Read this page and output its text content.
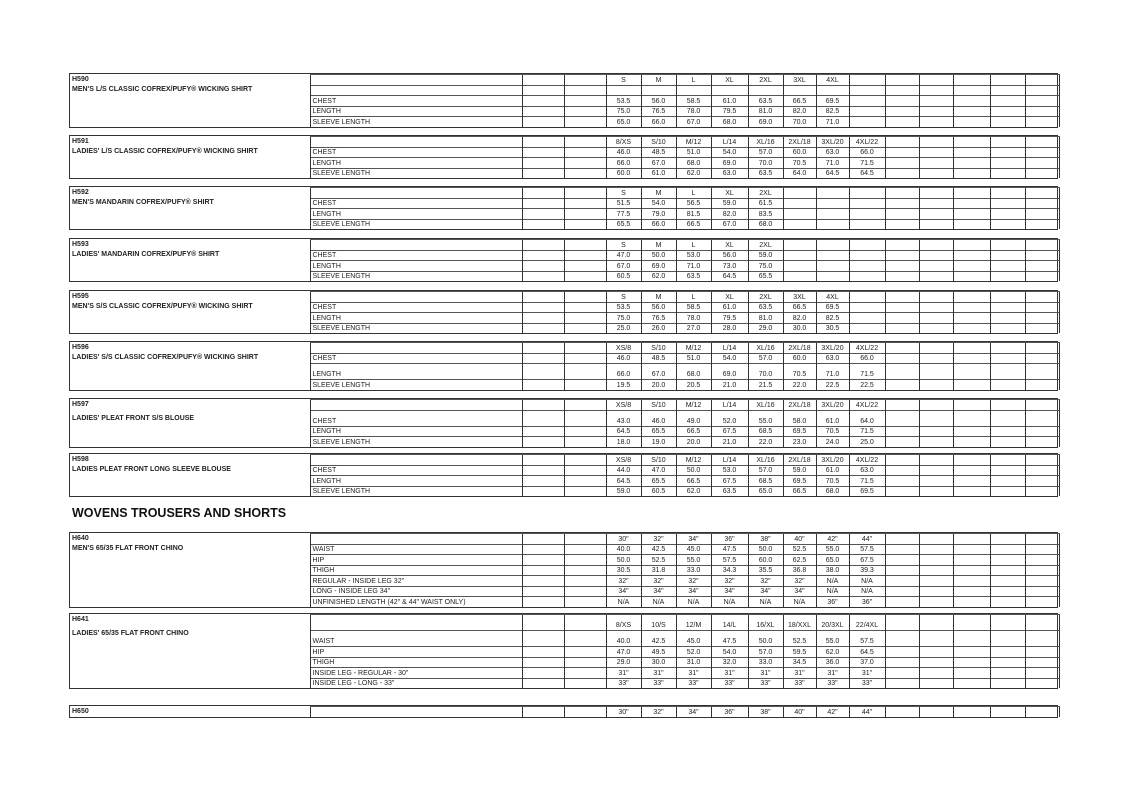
H590
MEN'S L/S CLASSIC COFREX/PUFY® WICKING SHIRT				S	M	L	XL	2XL	3XL	4XL							

	CHEST			53.5	56.0	58.5	61.0	63.5	66.5	69.5							
	LENGTH			75.0	76.5	78.0	79.5	81.0	82.0	82.5							
	SLEEVE LENGTH			65.0	66.0	67.0	68.0	69.0	70.0	71.0							
H591
LADIES' L/S CLASSIC COFREX/PUFY® WICKING SHIRT				8/XS	S/10	M/12	L/14	XL/16	2XL/18	3XL/20	4XL/22						
	CHEST			46.0	48.5	51.0	54.0	57.0	60.0	63.0	66.0						
	LENGTH			66.0	67.0	68.0	69.0	70.0	70.5	71.0	71.5						
	SLEEVE LENGTH			60.0	61.0	62.0	63.0	63.5	64.0	64.5	64.5						
H592
MEN'S MANDARIN COFREX/PUFY® SHIRT				S	M	L	XL	2XL									
	CHEST			51.5	54.0	56.5	59.0	61.5									
	LENGTH			77.5	79.0	81.5	82.0	83.5									
	SLEEVE LENGTH			65.5	66.0	66.5	67.0	68.0									
H593
LADIES' MANDARIN COFREX/PUFY® SHIRT				S	M	L	XL	2XL									
	CHEST			47.0	50.0	53.0	56.0	59.0									
	LENGTH			67.0	69.0	71.0	73.0	75.0									
	SLEEVE LENGTH			60.5	62.0	63.5	64.5	65.5									
H595
MEN'S S/S CLASSIC COFREX/PUFY® WICKING SHIRT				S	M	L	XL	2XL	3XL	4XL							
	CHEST			53.5	56.0	58.5	61.0	63.5	66.5	69.5							
	LENGTH			75.0	76.5	78.0	79.5	81.0	82.0	82.5							
	SLEEVE LENGTH			25.0	26.0	27.0	28.0	29.0	30.0	30.5							
H596
LADIES' S/S CLASSIC COFREX/PUFY® WICKING SHIRT				XS/8	S/10	M/12	L/14	XL/16	2XL/18	3XL/20	4XL/22						
	CHEST			46.0	48.5	51.0	54.0	57.0	60.0	63.0	66.0						
	LENGTH			66.0	67.0	68.0	69.0	70.0	70.5	71.0	71.5						
	SLEEVE LENGTH			19.5	20.0	20.5	21.0	21.5	22.0	22.5	22.5						
H597
LADIES' PLEAT FRONT S/S BLOUSE				XS/8	S/10	M/12	L/14	XL/16	2XL/18	3XL/20	4XL/22						
	CHEST			43.0	46.0	49.0	52.0	55.0	58.0	61.0	64.0						
	LENGTH			64.5	65.5	66.5	67.5	68.5	69.5	70.5	71.5						
	SLEEVE LENGTH			18.0	19.0	20.0	21.0	22.0	23.0	24.0	25.0						
H598
LADIES PLEAT FRONT LONG SLEEVE BLOUSE				XS/8	S/10	M/12	L/14	XL/16	2XL/18	3XL/20	4XL/22						
	CHEST			44.0	47.0	50.0	53.0	57.0	59.0	61.0	63.0						
	LENGTH			64.5	65.5	66.5	67.5	68.5	69.5	70.5	71.5						
	SLEEVE LENGTH			59.0	60.5	62.0	63.5	65.0	66.5	68.0	69.5						
H640
MEN'S 65/35 FLAT FRONT CHINO				30"	32"	34"	36"	38"	40"	42"	44"						
	WAIST			40.0	42.5	45.0	47.5	50.0	52.5	55.0	57.5						
	HIP			50.0	52.5	55.0	57.5	60.0	62.5	65.0	67.5						
	THIGH			30.5	31.8	33.0	34.3	35.5	36.8	38.0	39.3						
	REGULAR - INSIDE LEG 32"			32"	32"	32"	32"	32"	32"	N/A	N/A						
	LONG - INSIDE LEG 34"			34"	34"	34"	34"	34"	34"	N/A	N/A						
	UNFINISHED LENGTH (42" & 44" WAIST ONLY)			N/A	N/A	N/A	N/A	N/A	N/A	36"	36"						
H641
LADIES' 65/35 FLAT FRONT CHINO				8/XS	10/S	12/M	14/L	16/XL	18/XXL	20/3XL	22/4XL						
	WAIST			40.0	42.5	45.0	47.5	50.0	52.5	55.0	57.5						
	HIP			47.0	49.5	52.0	54.0	57.0	59.5	62.0	64.5						
	THIGH			29.0	30.0	31.0	32.0	33.0	34.5	36.0	37.0						
	INSIDE LEG - REGULAR - 30"			31"	31"	31"	31"	31"	31"	31"	31"						
	INSIDE LEG - LONG - 33"			33"	33"	33"	33"	33"	33"	33"	33"						
H650				30"	32"	34"	36"	38"	40"	42"	44"						
WOVENS TROUSERS AND SHORTS
